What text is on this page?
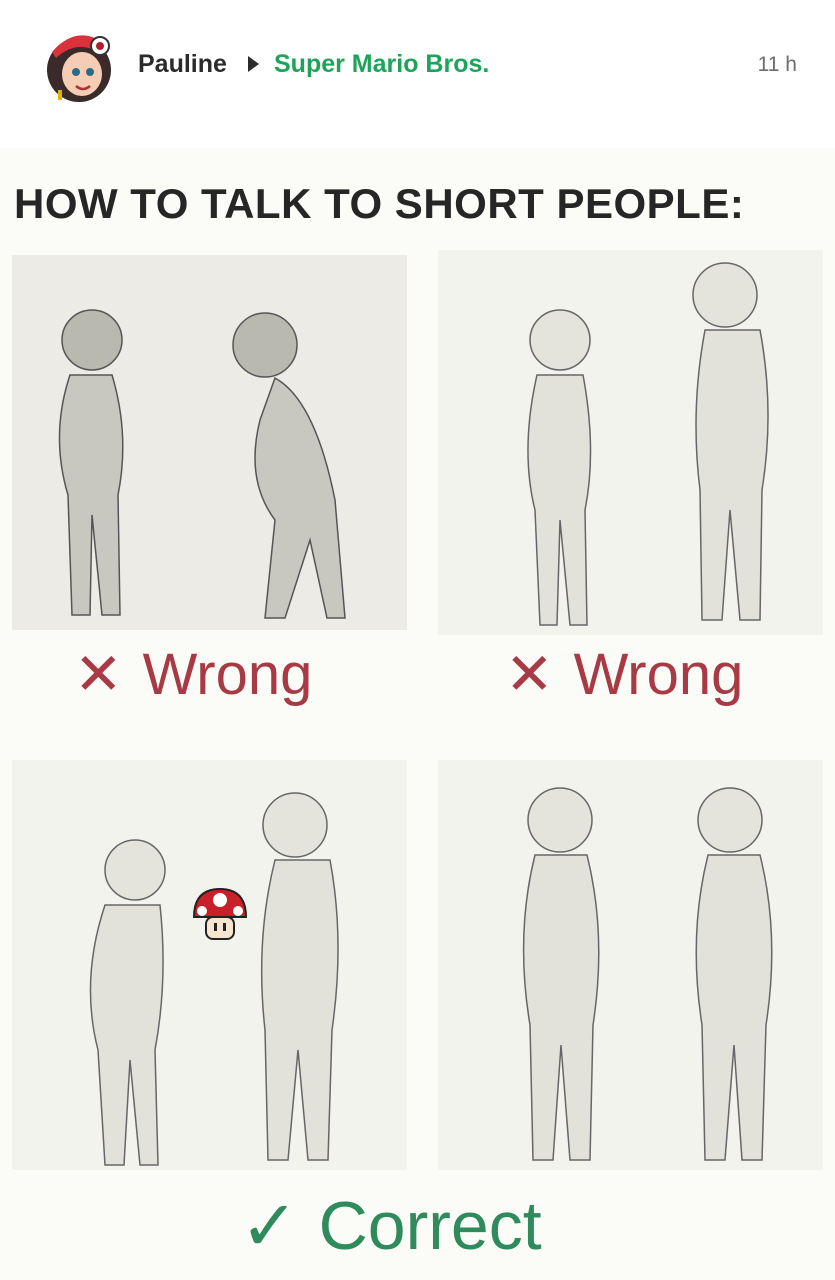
Pauline Super Mario Bros.	11 h
HOW TO TALK TO SHORT PEOPLE:
✕ Wrong	✕ Wrong
✓ Correct
